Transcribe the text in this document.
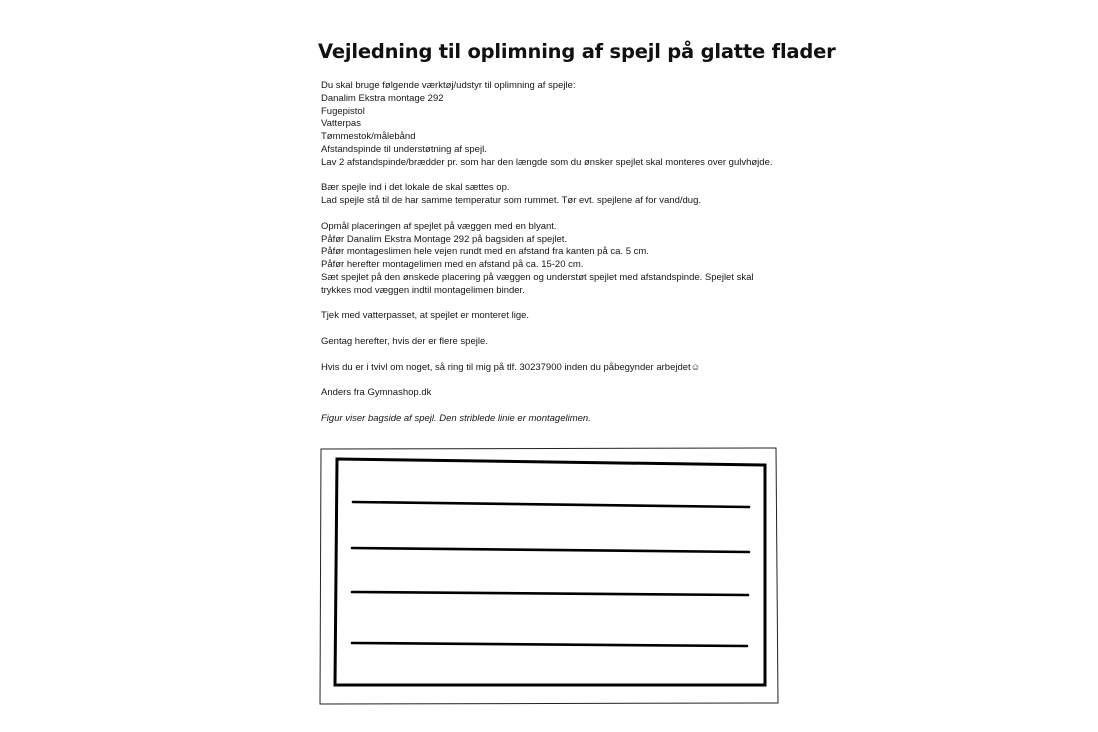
Vejledning til oplimning af spejl på glatte flader

Du skal bruge følgende værktøj/udstyr til oplimning af spejle:
Danalim Ekstra montage 292
Fugepistol
Vatterpas
Tømmestok/målebånd
Afstandspinde til understøtning af spejl.
Lav 2 afstandspinde/brædder pr. som har den længde som du ønsker spejlet skal monteres over gulvhøjde.

Bær spejle ind i det lokale de skal sættes op.
Lad spejle stå til de har samme temperatur som rummet. Tør evt. spejlene af for vand/dug.

Opmål placeringen af spejlet på væggen med en blyant.
Påfør Danalim Ekstra Montage 292 på bagsiden af spejlet.
Påfør montageslimen hele vejen rundt med en afstand fra kanten på ca. 5 cm.
Påfør herefter montagelimen med en afstand på ca. 15-20 cm.
Sæt spejlet på den ønskede placering på væggen og understøt spejlet med afstandspinde. Spejlet skal
trykkes mod væggen indtil montagelimen binder.

Tjek med vatterpasset, at spejlet er monteret lige.

Gentag herefter, hvis der er flere spejle.

Hvis du er i tvivl om noget, så ring til mig på tlf. 30237900 inden du påbegynder arbejdet☺

Anders fra Gymnashop.dk

Figur viser bagside af spejl. Den striblede linie er montagelimen.
